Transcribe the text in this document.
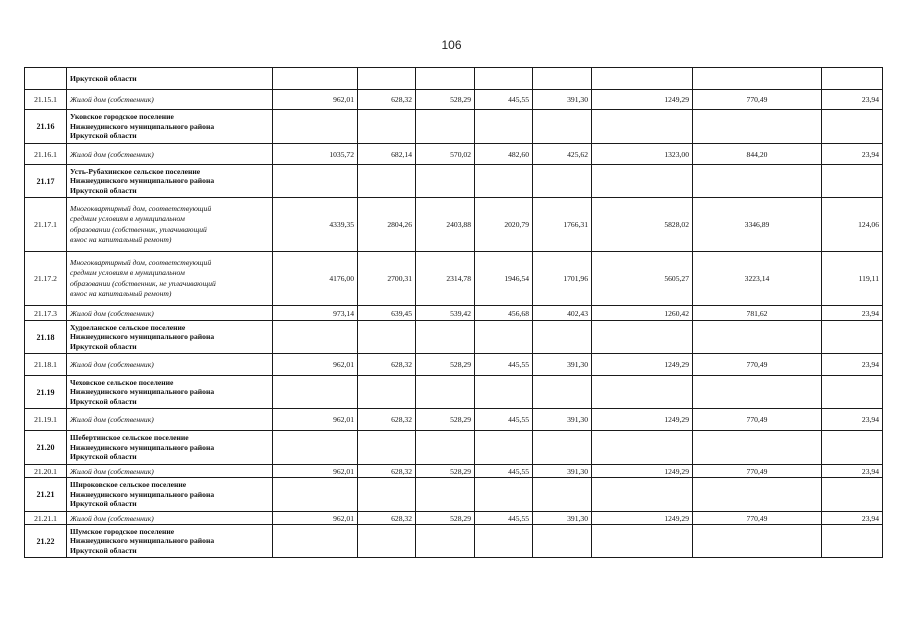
106
	Иркутской области								
21.15.1	Жилой дом (собственник)	962,01	628,32	528,29	445,55	391,30	1249,29	770,49	23,94
21.16	Уковское городское поселение
Нижнеудинского муниципального района
Иркутской области								
21.16.1	Жилой дом (собственник)	1035,72	682,14	570,02	482,60	425,62	1323,00	844,20	23,94
21.17	Усть-Рубахинское сельское поселение
Нижнеудинского муниципального района
Иркутской области								
21.17.1	Многоквартирный дом, соответствующий
средним условиям в муниципальном
образовании (собственник, уплачивающий
взнос на капитальный ремонт)	4339,35	2804,26	2403,88	2020,79	1766,31	5828,02	3346,89	124,06
21.17.2	Многоквартирный дом, соответствующий
средним условиям в муниципальном
образовании (собственник, не уплачивающий
взнос на капитальный ремонт)	4176,00	2700,31	2314,78	1946,54	1701,96	5605,27	3223,14	119,11
21.17.3	Жилой дом (собственник)	973,14	639,45	539,42	456,68	402,43	1260,42	781,62	23,94
21.18	Худоеланское сельское поселение
Нижнеудинского муниципального района
Иркутской области								
21.18.1	Жилой дом (собственник)	962,01	628,32	528,29	445,55	391,30	1249,29	770,49	23,94
21.19	Чеховское сельское поселение
Нижнеудинского муниципального района
Иркутской области								
21.19.1	Жилой дом (собственник)	962,01	628,32	528,29	445,55	391,30	1249,29	770,49	23,94
21.20	Шебертинское сельское поселение
Нижнеудинского муниципального района
Иркутской области								
21.20.1	Жилой дом (собственник)	962,01	628,32	528,29	445,55	391,30	1249,29	770,49	23,94
21.21	Широковское сельское поселение
Нижнеудинского муниципального района
Иркутской области								
21.21.1	Жилой дом (собственник)	962,01	628,32	528,29	445,55	391,30	1249,29	770,49	23,94
21.22	Шумское городское поселение
Нижнеудинского муниципального района
Иркутской области								
